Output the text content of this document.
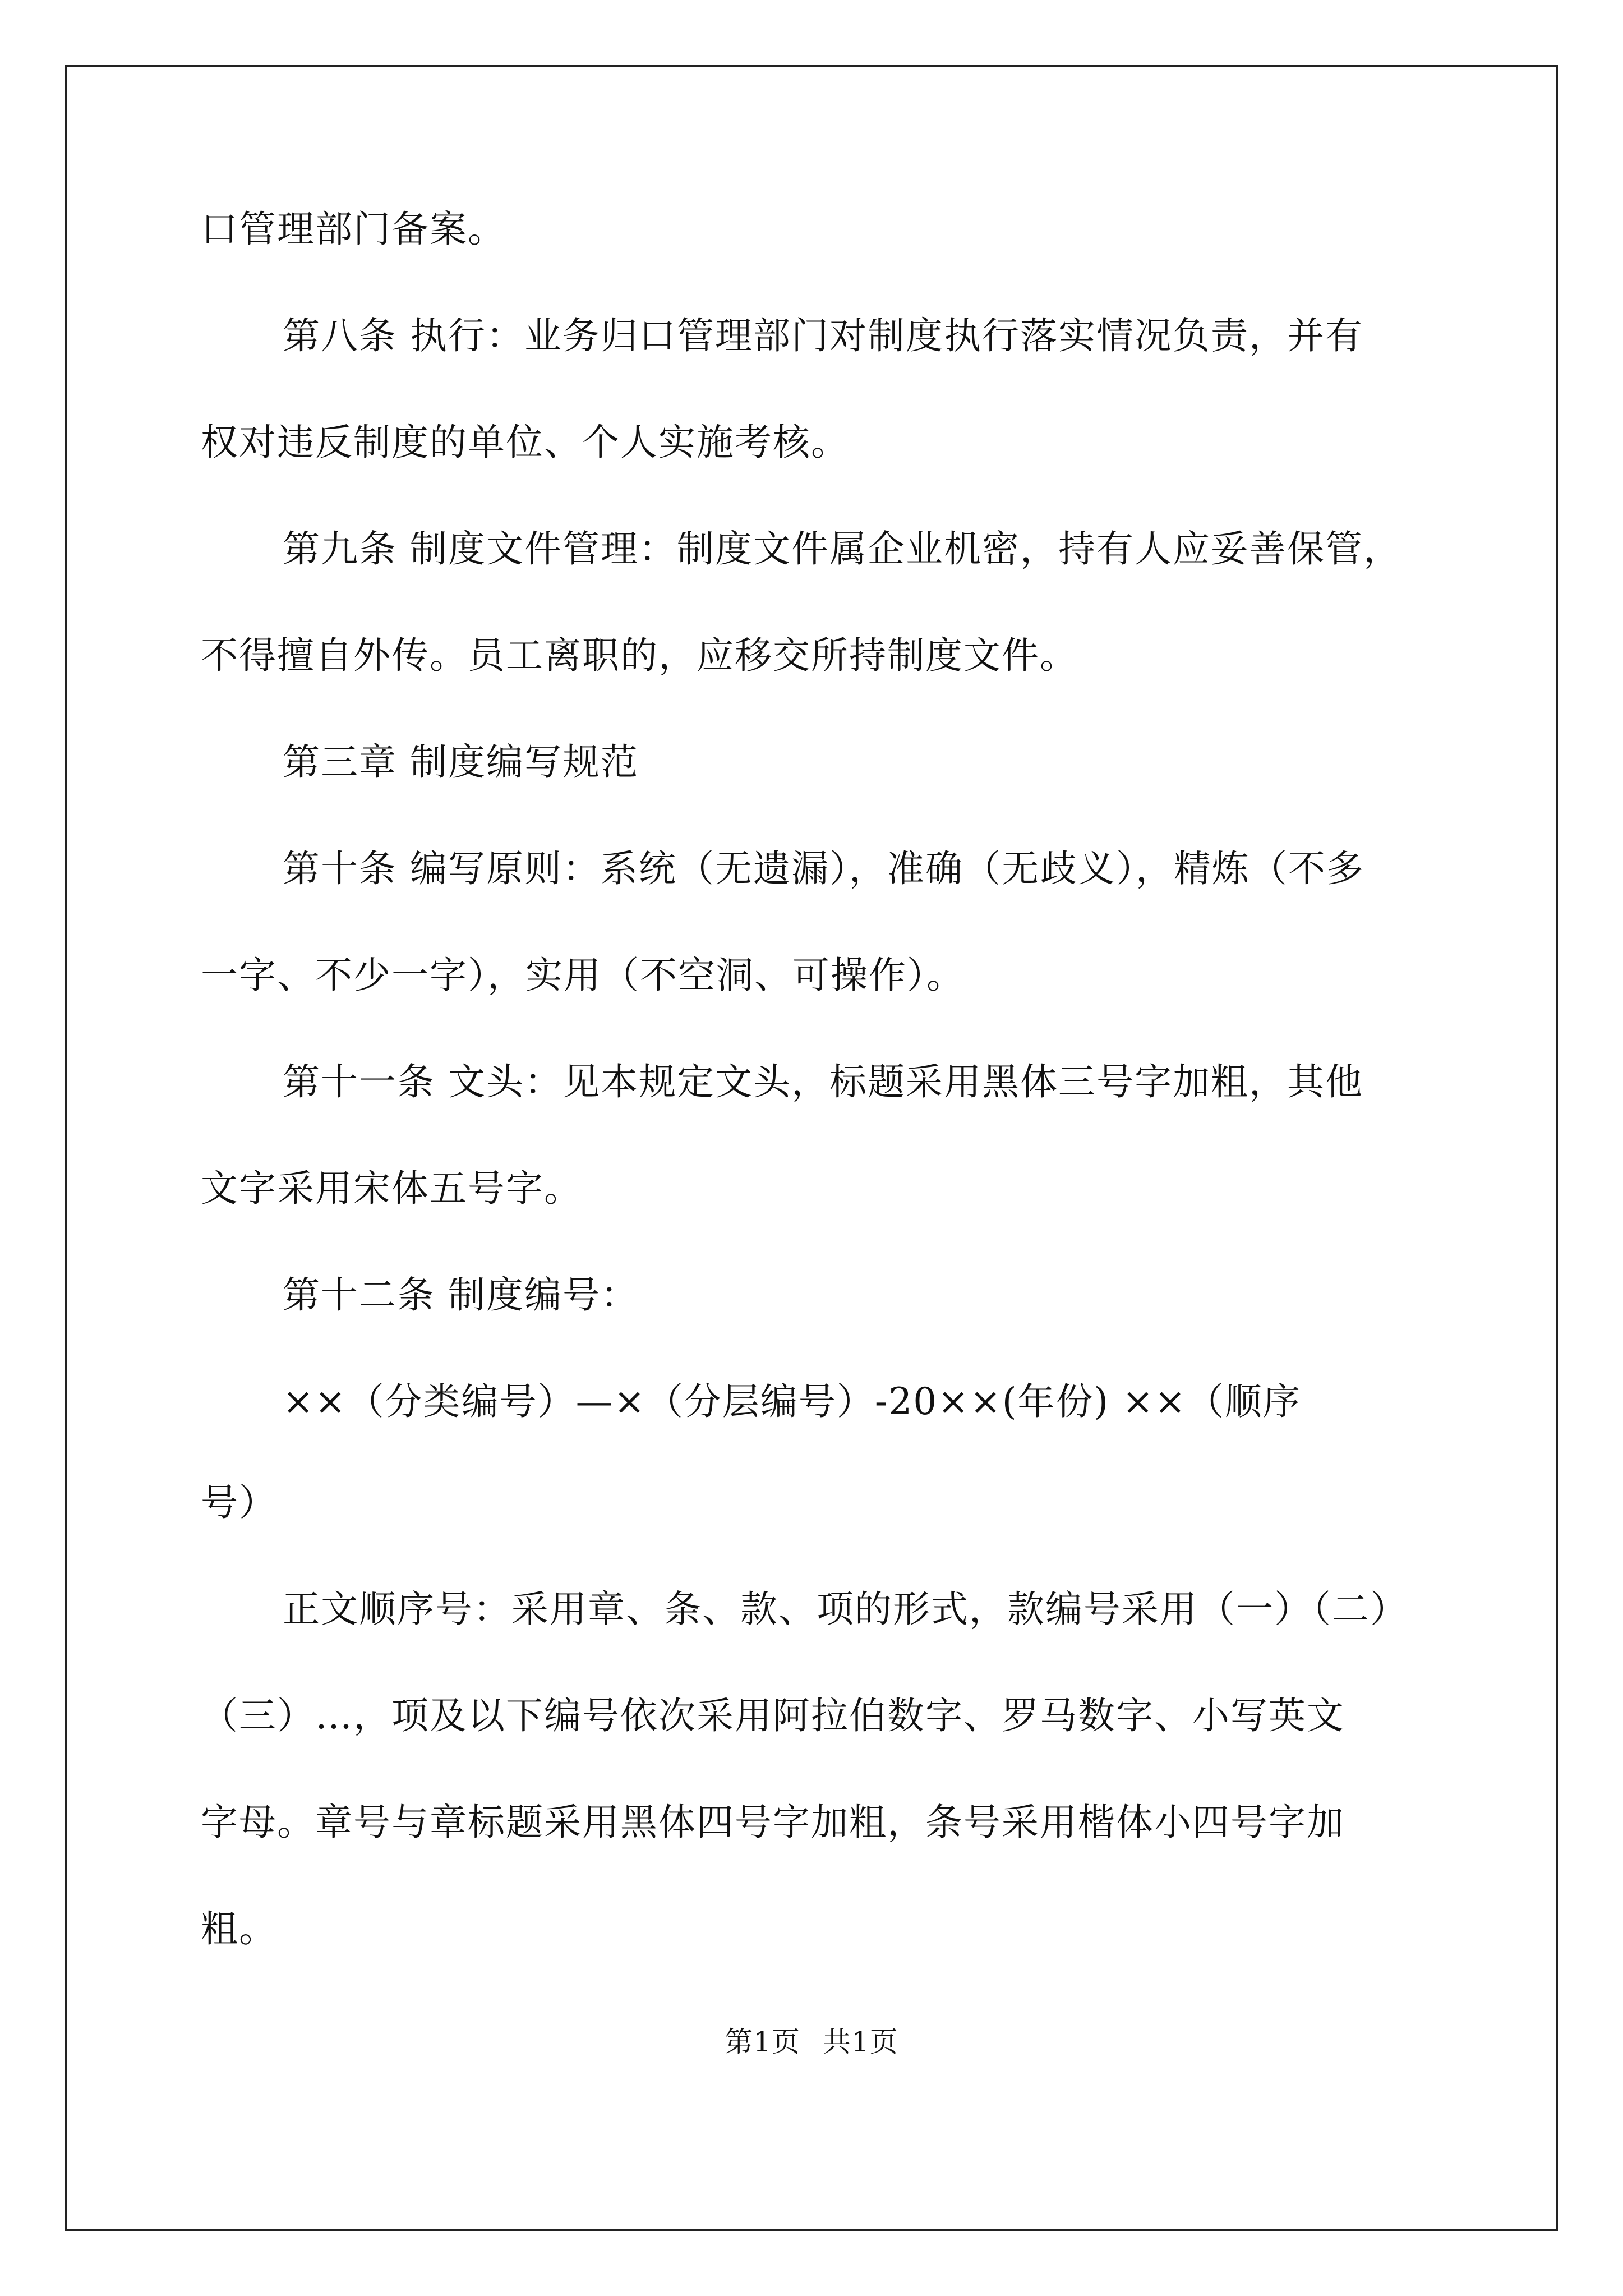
口管理部门备案。
第八条 执行：业务归口管理部门对制度执行落实情况负责，并有
权对违反制度的单位、个人实施考核。
第九条 制度文件管理：制度文件属企业机密，持有人应妥善保管，
不得擅自外传。员工离职的，应移交所持制度文件。
第三章 制度编写规范
第十条 编写原则：系统（无遗漏），准确（无歧义），精炼（不多
一字、不少一字），实用（不空洞、可操作）。
第十一条 文头：见本规定文头，标题采用黑体三号字加粗，其他
文字采用宋体五号字。
第十二条 制度编号：
××（分类编号）—×（分层编号）-20××(年份) ××（顺序
号）
正文顺序号：采用章、条、款、项的形式，款编号采用（一）（二）
（三）…，项及以下编号依次采用阿拉伯数字、罗马数字、小写英文
字母。章号与章标题采用黑体四号字加粗，条号采用楷体小四号字加
粗。
第1页 共1页
